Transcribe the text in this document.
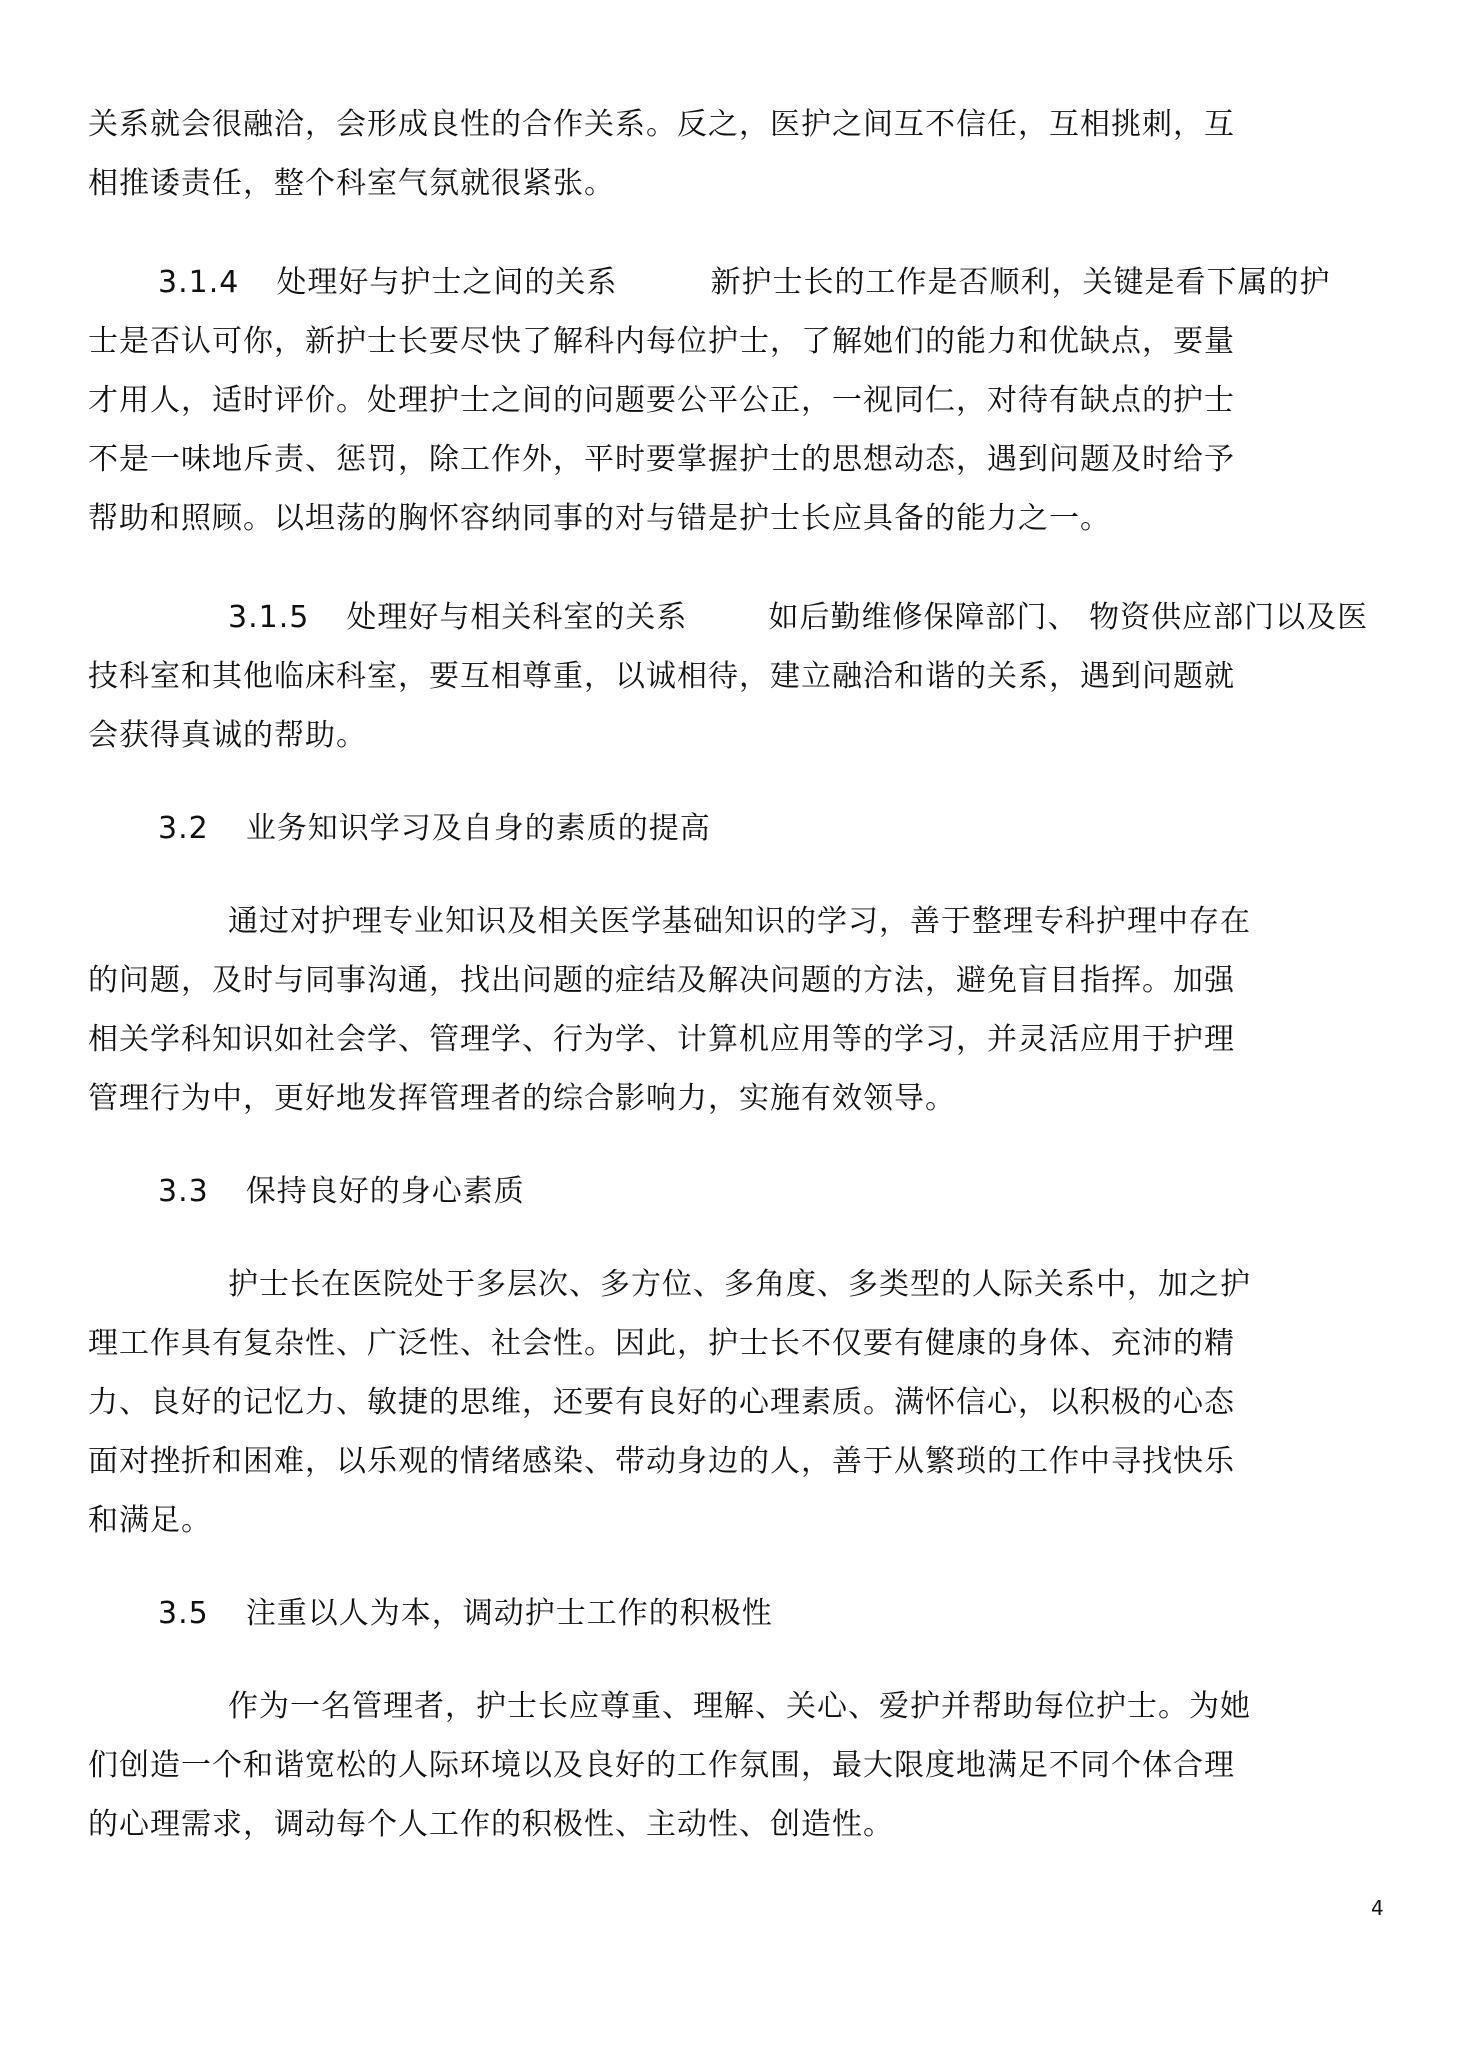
关系就会很融洽，会形成良性的合作关系。反之，医护之间互不信任，互相挑刺，互
相推诿责任，整个科室气氛就很紧张。
3.1.4 处理好与护士之间的关系	新护士长的工作是否顺利，关键是看下属的护
士是否认可你，新护士长要尽快了解科内每位护士，了解她们的能力和优缺点，要量
才用人，适时评价。处理护士之间的问题要公平公正，一视同仁，对待有缺点的护士
不是一味地斥责、惩罚，除工作外，平时要掌握护士的思想动态，遇到问题及时给予
帮助和照顾。以坦荡的胸怀容纳同事的对与错是护士长应具备的能力之一。
3.1.5 处理好与相关科室的关系	如后勤维修保障部门、 物资供应部门以及医
技科室和其他临床科室，要互相尊重，以诚相待，建立融洽和谐的关系，遇到问题就
会获得真诚的帮助。
3.2 业务知识学习及自身的素质的提高
通过对护理专业知识及相关医学基础知识的学习，善于整理专科护理中存在
的问题，及时与同事沟通，找出问题的症结及解决问题的方法，避免盲目指挥。加强
相关学科知识如社会学、管理学、行为学、计算机应用等的学习，并灵活应用于护理
管理行为中，更好地发挥管理者的综合影响力，实施有效领导。
3.3 保持良好的身心素质
护士长在医院处于多层次、多方位、多角度、多类型的人际关系中，加之护
理工作具有复杂性、广泛性、社会性。因此，护士长不仅要有健康的身体、充沛的精
力、良好的记忆力、敏捷的思维，还要有良好的心理素质。满怀信心，以积极的心态
面对挫折和困难，以乐观的情绪感染、带动身边的人，善于从繁琐的工作中寻找快乐
和满足。
3.5 注重以人为本，调动护士工作的积极性
作为一名管理者，护士长应尊重、理解、关心、爱护并帮助每位护士。为她
们创造一个和谐宽松的人际环境以及良好的工作氛围，最大限度地满足不同个体合理
的心理需求，调动每个人工作的积极性、主动性、创造性。
4
